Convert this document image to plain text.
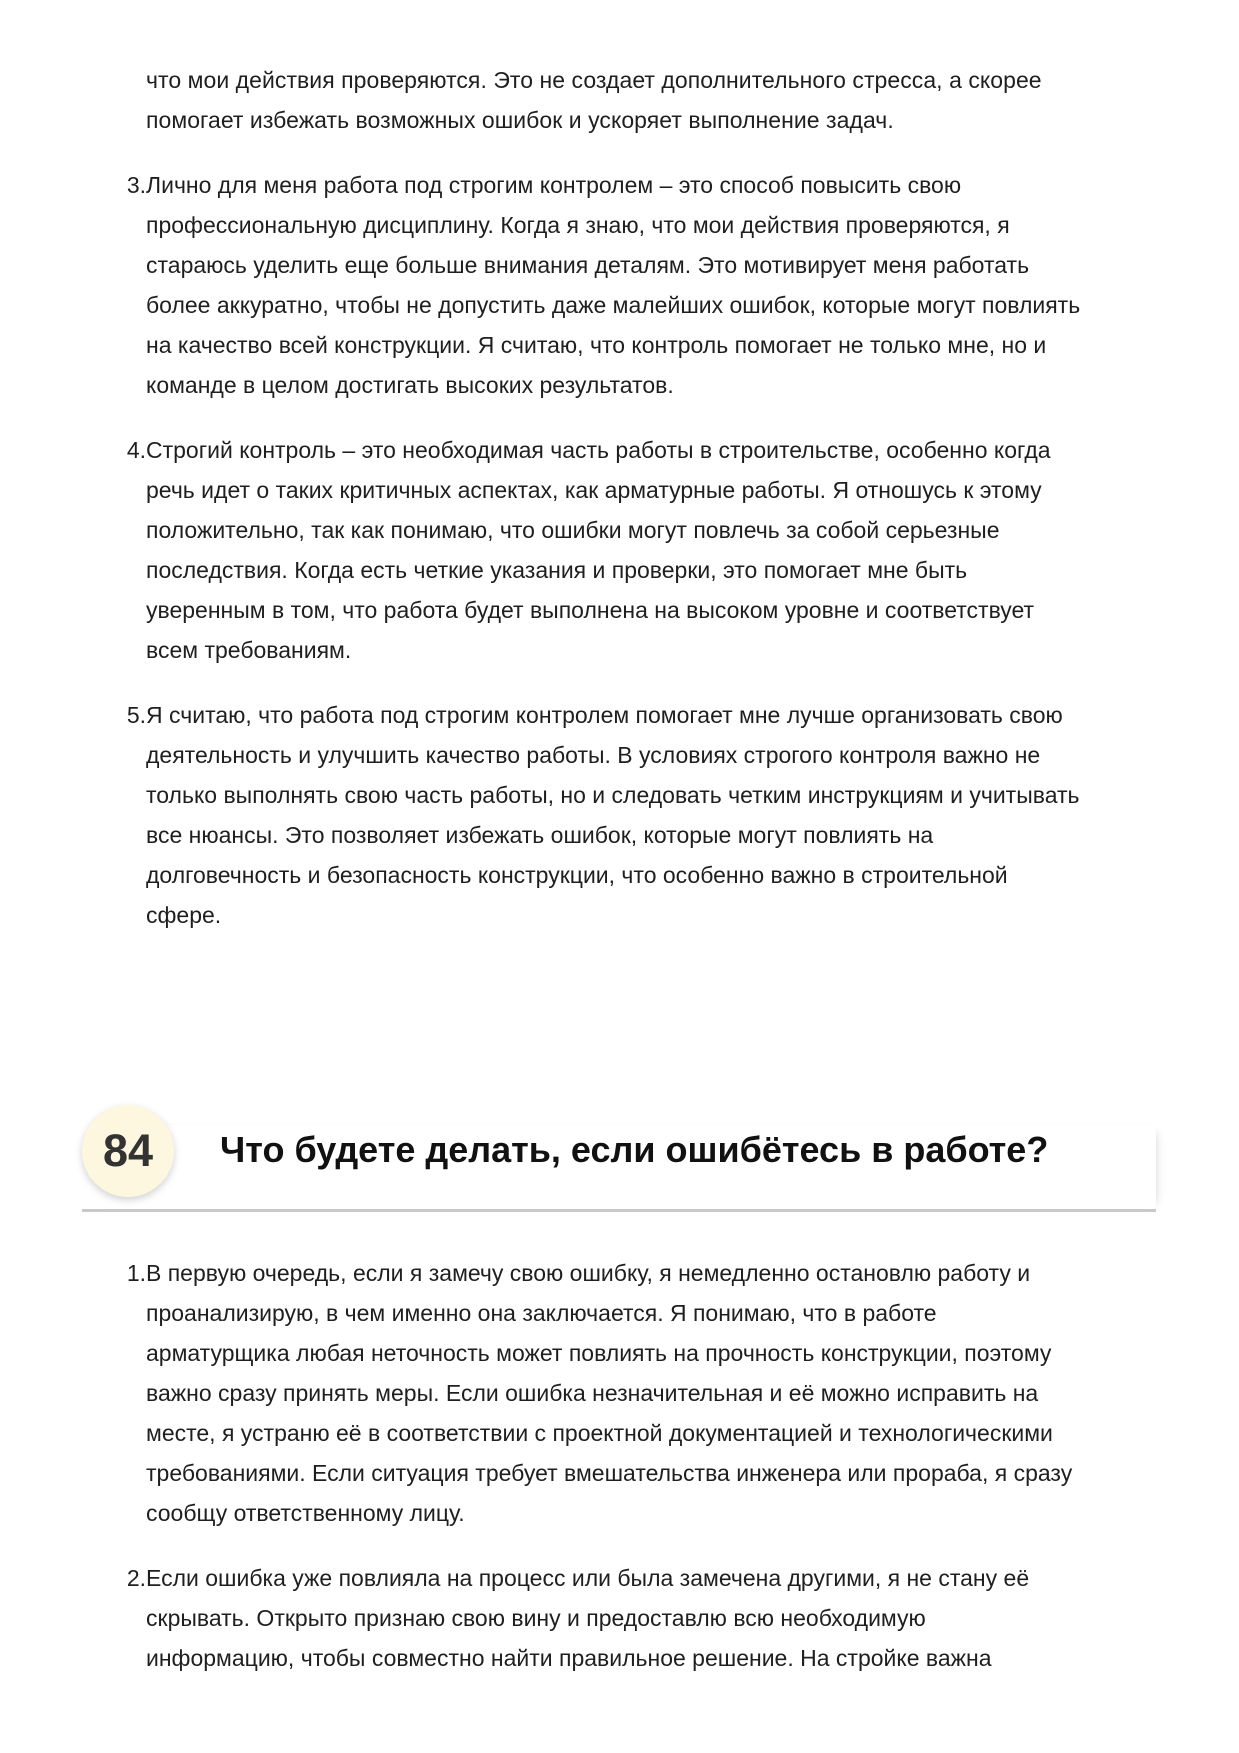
что мои действия проверяются. Это не создает дополнительного стресса, а скорее
помогает избежать возможных ошибок и ускоряет выполнение задач.
3. Лично для меня работа под строгим контролем – это способ повысить свою
профессиональную дисциплину. Когда я знаю, что мои действия проверяются, я
стараюсь уделить еще больше внимания деталям. Это мотивирует меня работать
более аккуратно, чтобы не допустить даже малейших ошибок, которые могут повлиять
на качество всей конструкции. Я считаю, что контроль помогает не только мне, но и
команде в целом достигать высоких результатов.
4. Строгий контроль – это необходимая часть работы в строительстве, особенно когда
речь идет о таких критичных аспектах, как арматурные работы. Я отношусь к этому
положительно, так как понимаю, что ошибки могут повлечь за собой серьезные
последствия. Когда есть четкие указания и проверки, это помогает мне быть
уверенным в том, что работа будет выполнена на высоком уровне и соответствует
всем требованиям.
5. Я считаю, что работа под строгим контролем помогает мне лучше организовать свою
деятельность и улучшить качество работы. В условиях строгого контроля важно не
только выполнять свою часть работы, но и следовать четким инструкциям и учитывать
все нюансы. Это позволяет избежать ошибок, которые могут повлиять на
долговечность и безопасность конструкции, что особенно важно в строительной
сфере.
84	Что будете делать, если ошибётесь в работе?
1. В первую очередь, если я замечу свою ошибку, я немедленно остановлю работу и
проанализирую, в чем именно она заключается. Я понимаю, что в работе
арматурщика любая неточность может повлиять на прочность конструкции, поэтому
важно сразу принять меры. Если ошибка незначительная и её можно исправить на
месте, я устраню её в соответствии с проектной документацией и технологическими
требованиями. Если ситуация требует вмешательства инженера или прораба, я сразу
сообщу ответственному лицу.
2. Если ошибка уже повлияла на процесс или была замечена другими, я не стану её
скрывать. Открыто признаю свою вину и предоставлю всю необходимую
информацию, чтобы совместно найти правильное решение. На стройке важна
